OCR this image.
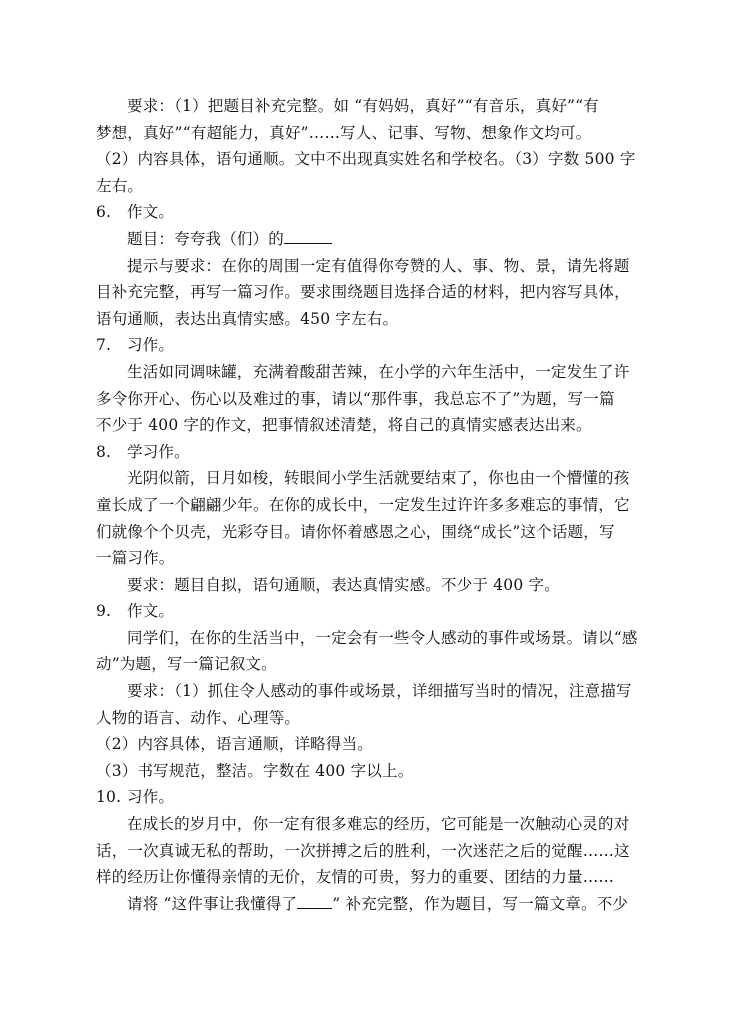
要求：（1）把题目补充完整。如 “有妈妈，真好”“有音乐，真好”“有
梦想，真好”“有超能力，真好”……写人、记事、写物、想象作文均可。
（2）内容具体，语句通顺。文中不出现真实姓名和学校名。（3）字数 500 字
左右。
6. 作文。
题目：夸夸我（们）的
提示与要求：在你的周围一定有值得你夸赞的人、事、物、景，请先将题
目补充完整，再写一篇习作。要求围绕题目选择合适的材料，把内容写具体，
语句通顺，表达出真情实感。450 字左右。
7. 习作。
生活如同调味罐，充满着酸甜苦辣，在小学的六年生活中，一定发生了许
多令你开心、伤心以及难过的事，请以“那件事，我总忘不了”为题，写一篇
不少于 400 字的作文，把事情叙述清楚，将自己的真情实感表达出来。
8. 学习作。
光阴似箭，日月如梭，转眼间小学生活就要结束了，你也由一个懵懂的孩
童长成了一个翩翩少年。在你的成长中，一定发生过许许多多难忘的事情，它
们就像个个贝壳，光彩夺目。请你怀着感恩之心，围绕“成长”这个话题，写
一篇习作。
要求：题目自拟，语句通顺，表达真情实感。不少于 400 字。
9. 作文。
同学们，在你的生活当中，一定会有一些令人感动的事件或场景。请以“感
动”为题，写一篇记叙文。
要求：（1）抓住令人感动的事件或场景，详细描写当时的情况，注意描写
人物的语言、动作、心理等。
（2）内容具体，语言通顺，详略得当。
（3）书写规范，整洁。字数在 400 字以上。
10. 习作。
在成长的岁月中，你一定有很多难忘的经历，它可能是一次触动心灵的对
话，一次真诚无私的帮助，一次拼搏之后的胜利，一次迷茫之后的觉醒……这
样的经历让你懂得亲情的无价，友情的可贵，努力的重要、团结的力量……
请将 “这件事让我懂得了 ” 补充完整，作为题目，写一篇文章。不少
